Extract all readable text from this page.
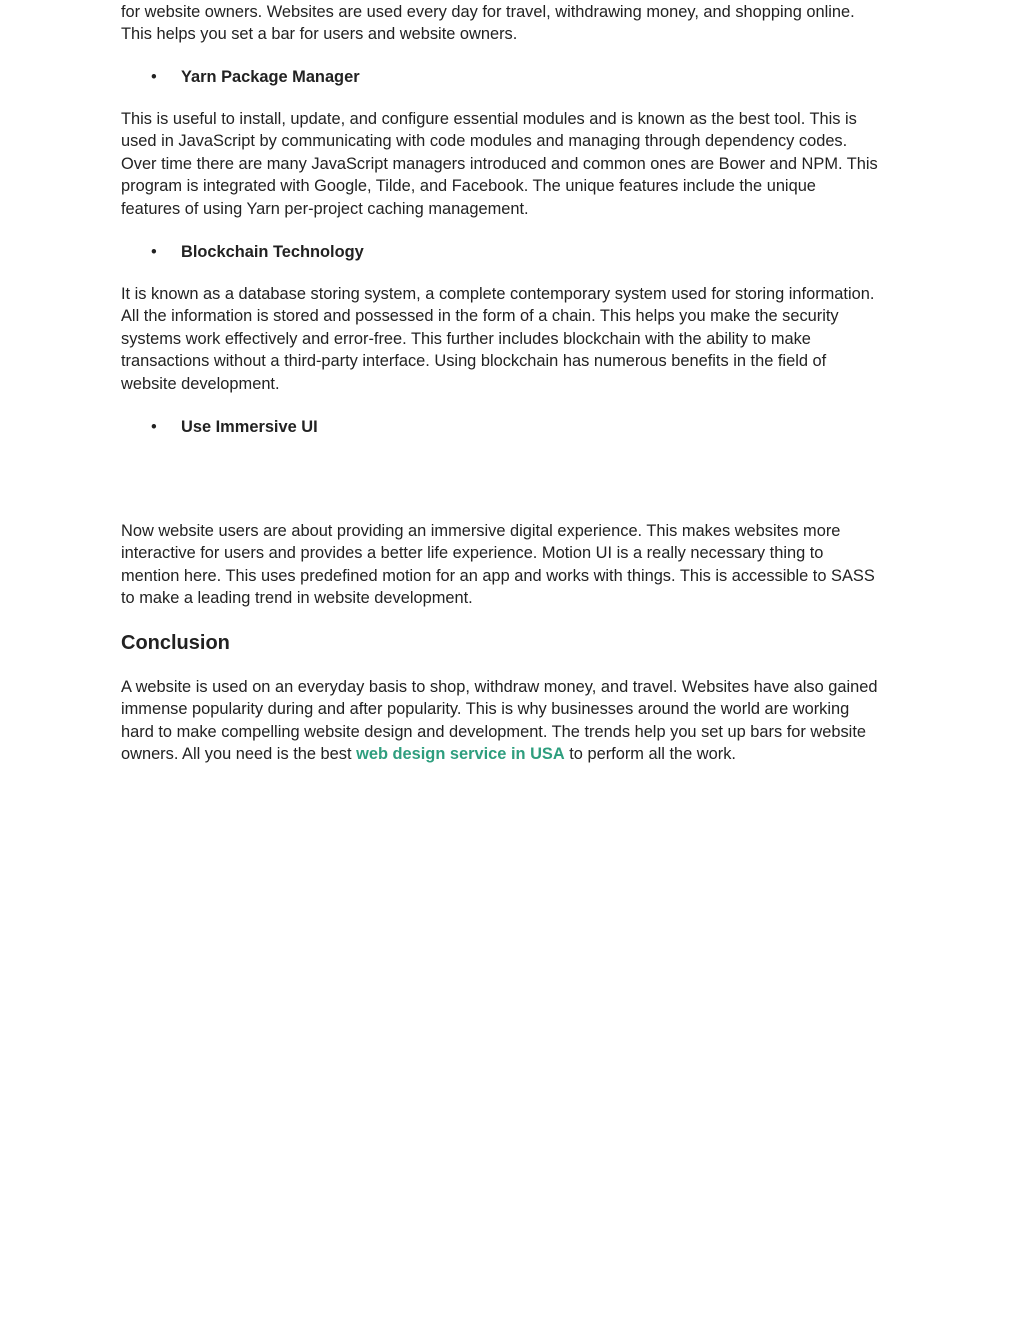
for website owners. Websites are used every day for travel, withdrawing money, and shopping online.
This helps you set a bar for users and website owners.

• Yarn Package Manager

This is useful to install, update, and configure essential modules and is known as the best tool. This is
used in JavaScript by communicating with code modules and managing through dependency codes.
Over time there are many JavaScript managers introduced and common ones are Bower and NPM. This
program is integrated with Google, Tilde, and Facebook. The unique features include the unique
features of using Yarn per-project caching management.

• Blockchain Technology

It is known as a database storing system, a complete contemporary system used for storing information.
All the information is stored and possessed in the form of a chain. This helps you make the security
systems work effectively and error-free. This further includes blockchain with the ability to make
transactions without a third-party interface. Using blockchain has numerous benefits in the field of
website development.

• Use Immersive UI

Now website users are about providing an immersive digital experience. This makes websites more
interactive for users and provides a better life experience. Motion UI is a really necessary thing to
mention here. This uses predefined motion for an app and works with things. This is accessible to SASS
to make a leading trend in website development.

Conclusion

A website is used on an everyday basis to shop, withdraw money, and travel. Websites have also gained
immense popularity during and after popularity. This is why businesses around the world are working
hard to make compelling website design and development. The trends help you set up bars for website
owners. All you need is the best web design service in USA to perform all the work.
